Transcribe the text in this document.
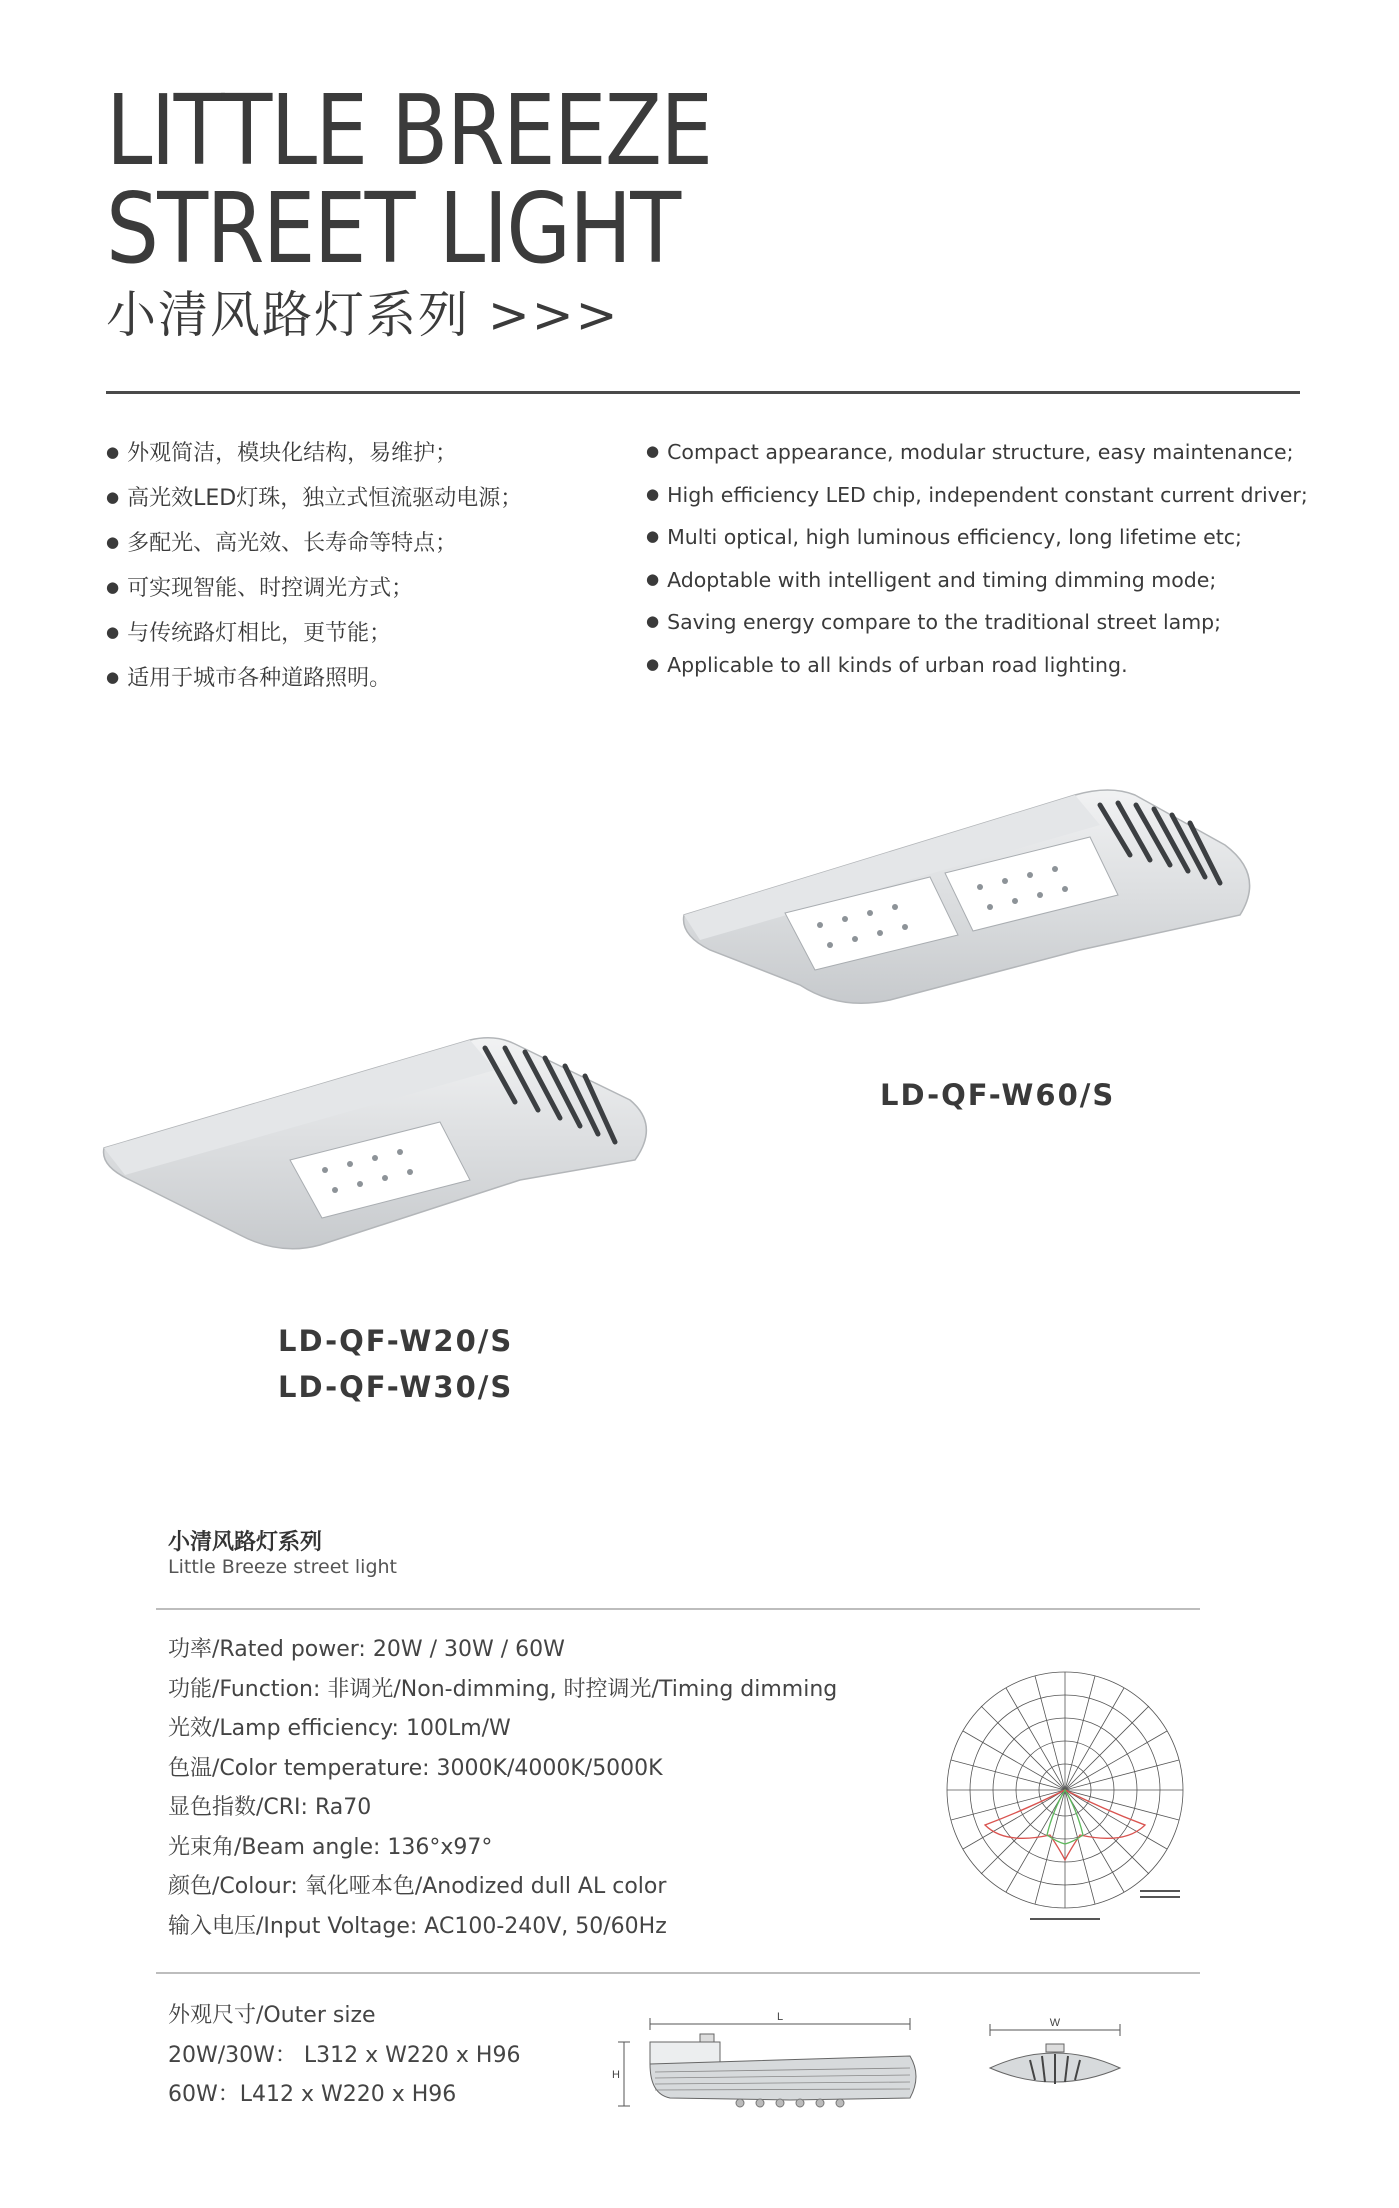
LITTLE BREEZE
STREET LIGHT
小清风路灯系列 >>>
● 外观简洁，模块化结构，易维护；
● 高光效LED灯珠，独立式恒流驱动电源；
● 多配光、高光效、长寿命等特点；
● 可实现智能、时控调光方式；
● 与传统路灯相比，更节能；
● 适用于城市各种道路照明。
● Compact appearance, modular structure, easy maintenance;
● High efficiency LED chip, independent constant current driver;
● Multi optical, high luminous efficiency, long lifetime etc;
● Adoptable with intelligent and timing dimming mode;
● Saving energy compare to the traditional street lamp;
● Applicable to all kinds of urban road lighting.
LD-QF-W60/S
LD-QF-W20/S
LD-QF-W30/S
小清风路灯系列
Little Breeze street light
功率/Rated power: 20W / 30W / 60W
功能/Function: 非调光/Non-dimming, 时控调光/Timing dimming
光效/Lamp efficiency: 100Lm/W
色温/Color temperature: 3000K/4000K/5000K
显色指数/CRI: Ra70
光束角/Beam angle: 136°x97°
颜色/Colour: 氧化哑本色/Anodized dull AL color
输入电压/Input Voltage: AC100-240V, 50/60Hz
外观尺寸/Outer size
20W/30W： L312 x W220 x H96
60W：L412 x W220 x H96
L
H
W
